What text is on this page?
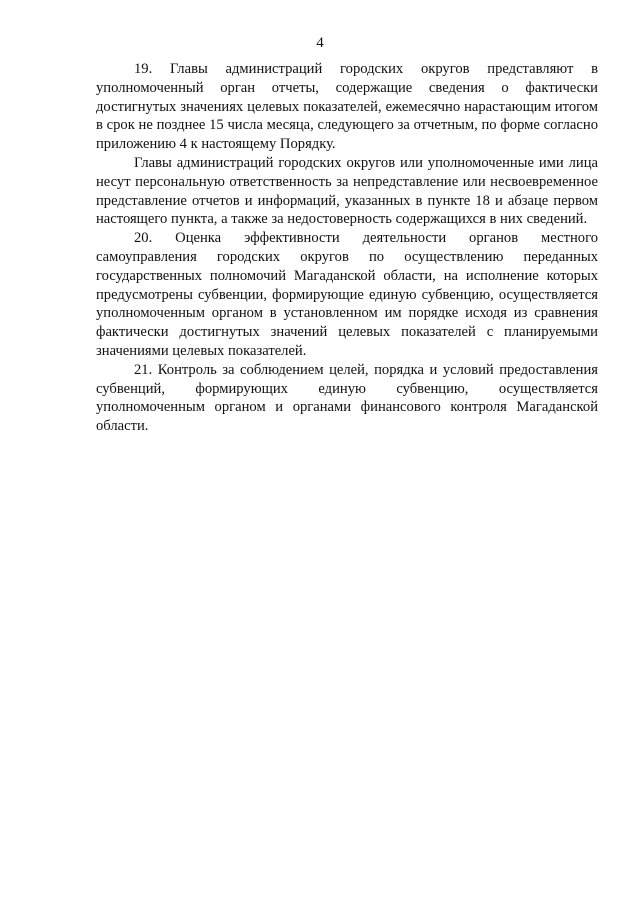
4

19. Главы администраций городских округов представляют в уполномоченный орган отчеты, содержащие сведения о фактически достигнутых значениях целевых показателей, ежемесячно нарастающим итогом в срок не позднее 15 числа месяца, следующего за отчетным, по форме согласно приложению 4 к настоящему Порядку.

Главы администраций городских округов или уполномоченные ими лица несут персональную ответственность за непредставление или несвоевременное представление отчетов и информаций, указанных в пункте 18 и абзаце первом настоящего пункта, а также за недостоверность содержащихся в них сведений.

20. Оценка эффективности деятельности органов местного самоуправления городских округов по осуществлению переданных государственных полномочий Магаданской области, на исполнение которых предусмотрены субвенции, формирующие единую субвенцию, осуществляется уполномоченным органом в установленном им порядке исходя из сравнения фактически достигнутых значений целевых показателей с планируемыми значениями целевых показателей.

21. Контроль за соблюдением целей, порядка и условий предоставления субвенций, формирующих единую субвенцию, осуществляется уполномоченным органом и органами финансового контроля Магаданской области.
